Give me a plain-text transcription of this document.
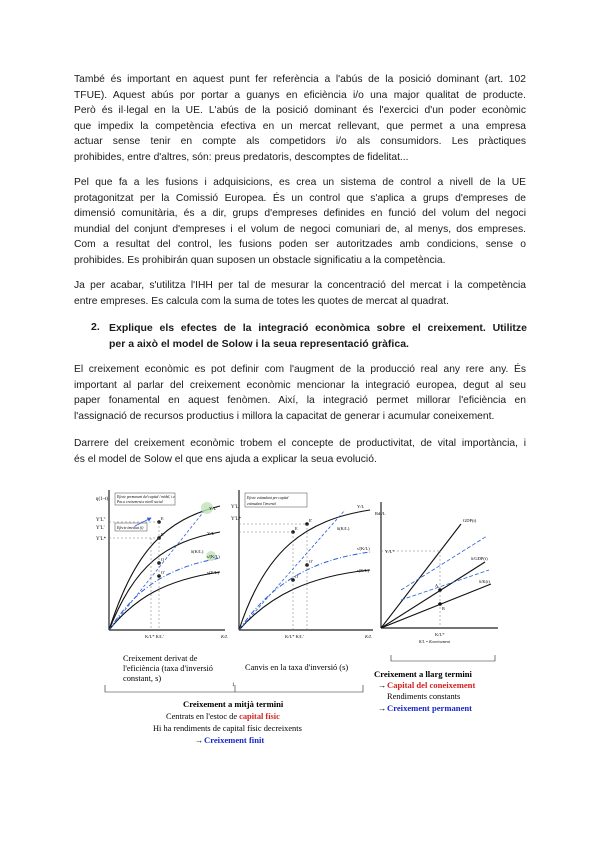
També és important en aquest punt fer referència a l'abús de la posició dominant (art. 102
TFUE). Aquest abús por portar a guanys en eficiència i/o una major qualitat de producte.
Però és il·legal en la UE. L'abús de la posició dominant és l'exercici d'un poder econòmic
que impedix la competència efectiva en un mercat rellevant, que permet a una empresa
actuar sense tenir en compte als competidors i/o als consumidors. Les pràctiques
prohibides, entre d'altres, són: preus predatoris, descomptes de fidelitat...

Pel que fa a les fusions i adquisicions, es crea un sistema de control a nivell de la UE
protagonitzat per la Comissió Europea. És un control que s'aplica a grups d'empreses de
dimensió comunitària, és a dir, grups d'empreses definides en funció del volum del negoci
mundial del conjunt d'empreses i el volum de negoci comuniari de, al menys, dos empreses.
Com a resultat del control, les fusions poden ser autoritzades amb condicions, sense o
prohibides. Es prohibirán quan suposen un obstacle significatiu a la competència.

Ja per acabar, s'utilitza l'IHH per tal de mesurar la concentració del mercat i la competència
entre empreses. Es calcula com la suma de totes les quotes de mercat al quadrat.

2. Explique els efectes de la integració econòmica sobre el creixement. Utilitze
per a això el model de Solow i la seua representació gràfica.

El creixement econòmic es pot definir com l'augment de la producció real any rere any. És
important al parlar del creixement econòmic mencionar la integració europea, degut al seu
paper fonamental en aquest fenòmen. Així, la integració permet millorar l'eficiència en
l'assignació de recursos productius i millora la capacitat de generar i acumular coneixement.

Darrere del creixement econòmic trobem el concepte de productivitat, de vital importància, i
és el model de Solow el que ens ajuda a explicar la seua evolució.

ŋ(1–t)
Y'L''
Y'L'
Y'L*
Efecte permanent del capital / mòbil, i.e.
Pas a creixement a nivell social
Efecte imediat (t)
Y/L'
Y/L
δ(K/L)
s'(K/L)
s(Y/L)
E
E'
O
O'
K/L* K/L'	K/L
Y'L'
Y'L*
Efecte estimulant per capital
estimulant l'inversió	Y/L
δ(K/L)
s'(K/L)
s(K/L)
E'
E
O'
O
K/L* K/L'	K/L
Rdt/L
GDP(t)
δ/GDP(t)
δ/K(t)
Y/L*
A
B
K/L*
K/L = Kcoreixement
Creixement derivat de
l'eficiència (taxa d'inversió
constant, s)
Canvis en la taxa d'inversió (s)
Creixement a llarg termini
→ Capital del coneixement
Rendiments constants
→ Creixement permanent
1
Creixement a mitjà termini
Centrats en l'estoc de capital físic
Hi ha rendiments de capital físic decreixents
→ Creixement finit
